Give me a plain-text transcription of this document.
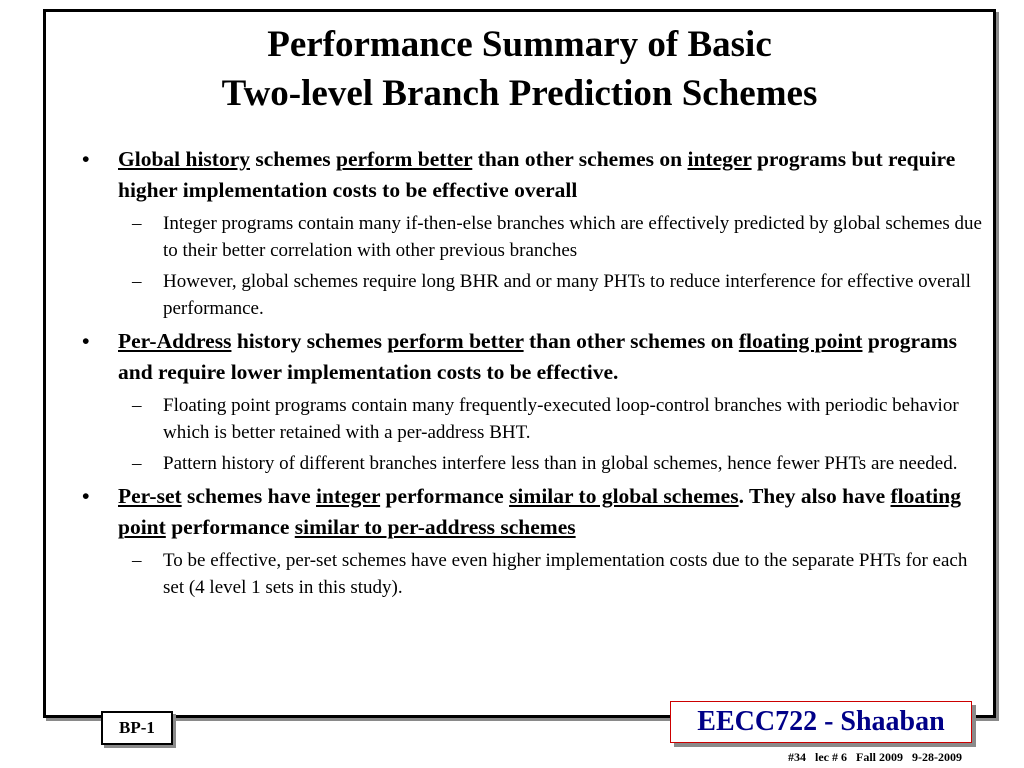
Performance Summary of Basic
Two-level Branch Prediction Schemes
• Global history schemes perform better than other schemes on integer programs but require higher implementation costs to be effective overall
– Integer programs contain many if-then-else branches which are effectively predicted by global schemes due to their better correlation with other previous branches
– However, global schemes require long BHR and or many PHTs to reduce interference for effective overall performance.
• Per-Address history schemes perform better than other schemes on floating point programs and require lower implementation costs to be effective.
– Floating point programs contain many frequently-executed loop-control branches with periodic behavior which is better retained with a per-address BHT.
– Pattern history of different branches interfere less than in global schemes, hence fewer PHTs are needed.
• Per-set schemes have integer performance similar to global schemes. They also have floating point performance similar to per-address schemes
– To be effective, per-set schemes have even higher implementation costs due to the separate PHTs for each set (4 level 1 sets in this study).
BP-1	EECC722 - Shaaban
#34   lec # 6   Fall 2009   9-28-2009
